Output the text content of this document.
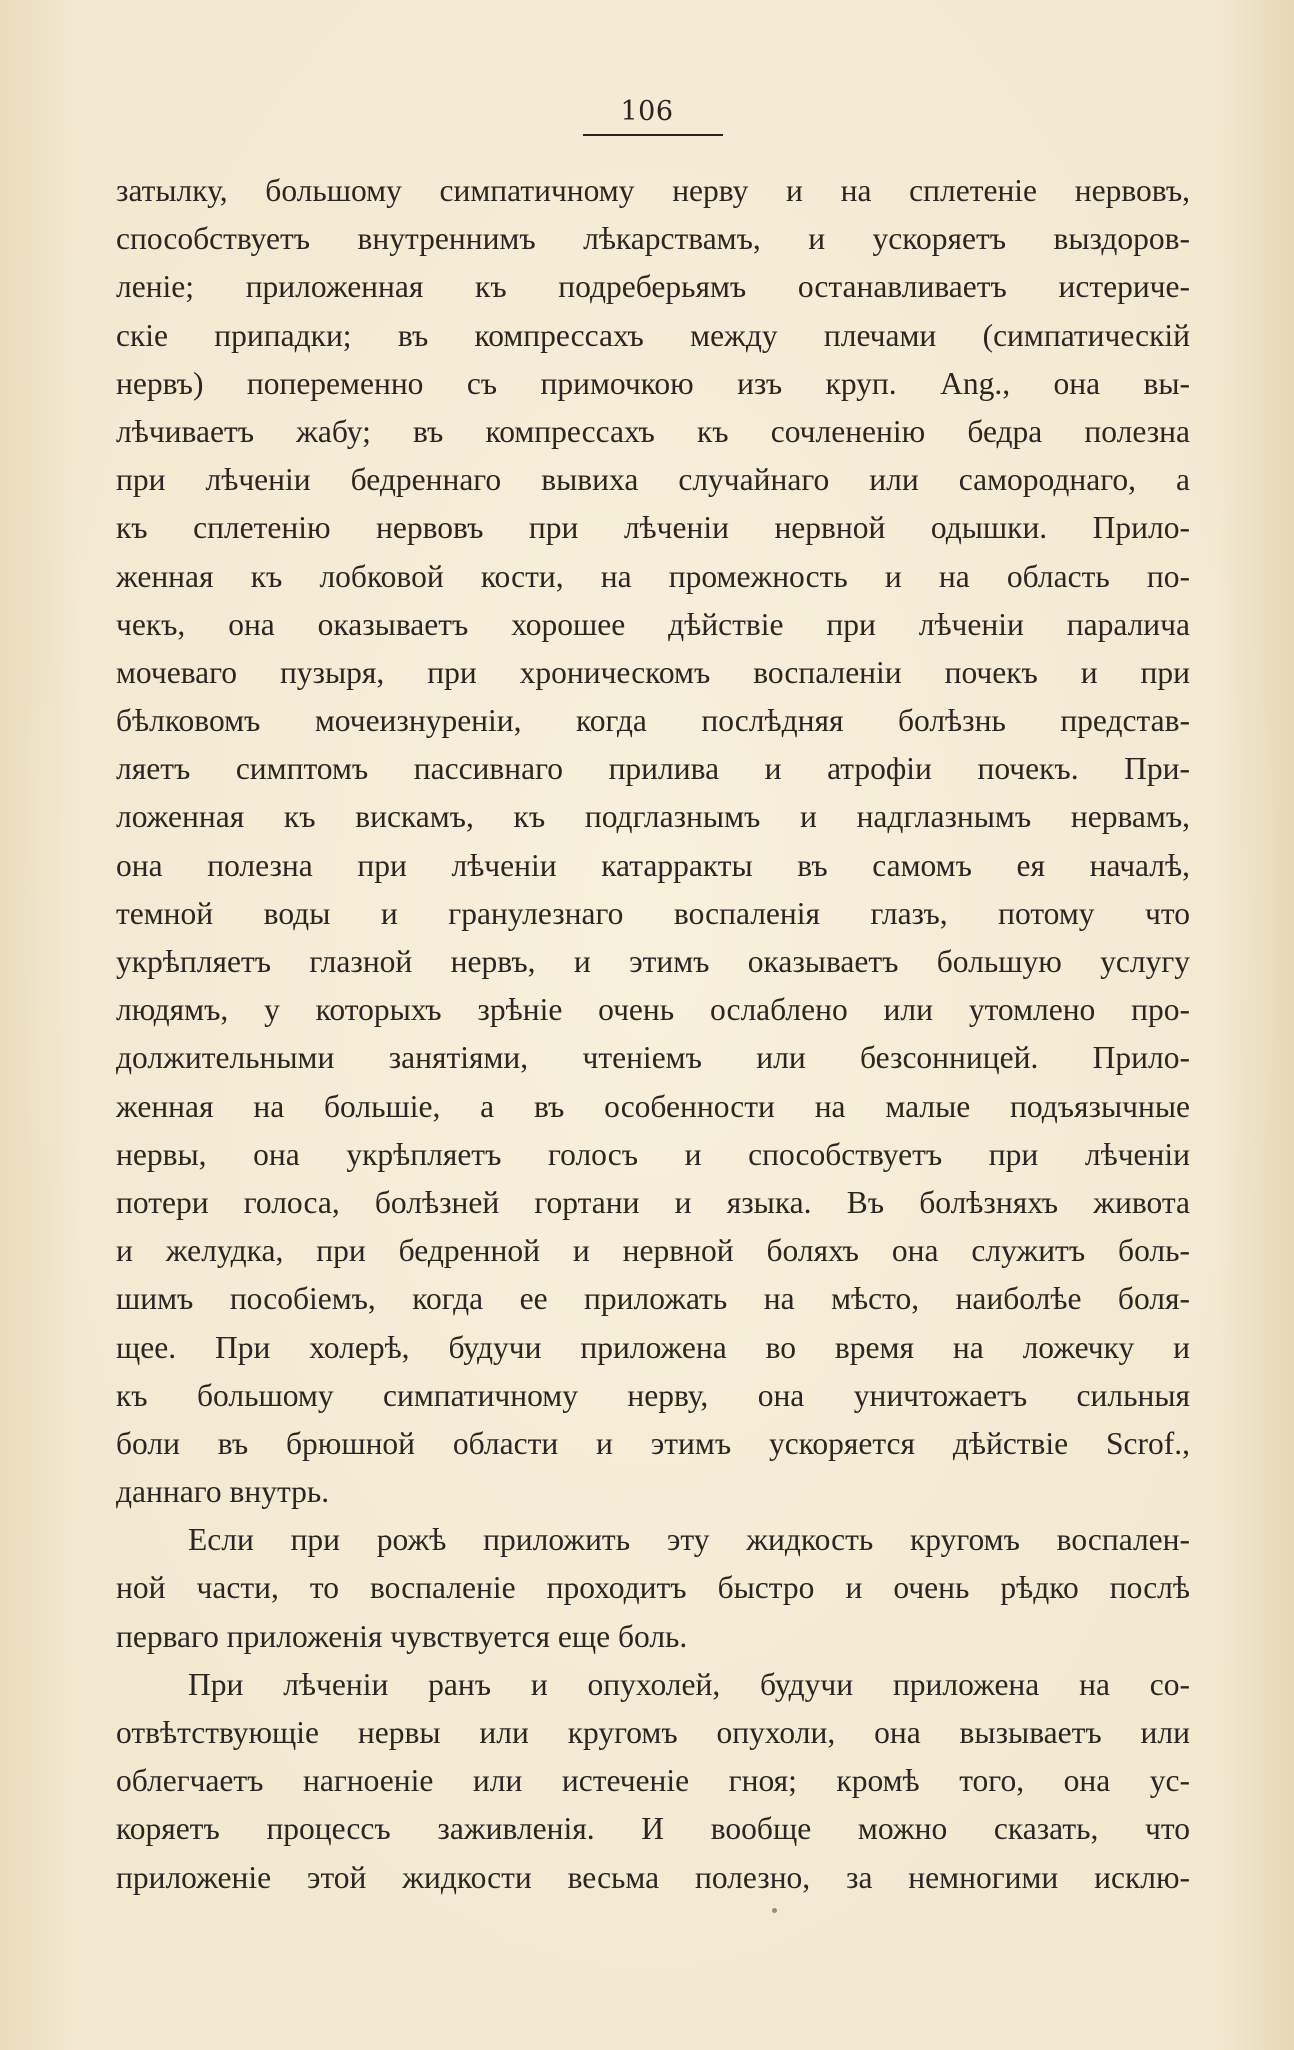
106
затылку, большому симпатичному нерву и на сплетеніе нервовъ,
способствуетъ внутреннимъ лѣкарствамъ, и ускоряетъ выздоров-
леніе; приложенная къ подреберьямъ останавливаетъ истериче-
скіе припадки; въ компрессахъ между плечами (симпатическій
нервъ) попеременно съ примочкою изъ круп. Ang., она вы-
лѣчиваетъ жабу; въ компрессахъ къ сочлененію бедра полезна
при лѣченіи бедреннаго вывиха случайнаго или самороднаго, а
къ сплетенію нервовъ при лѣченіи нервной одышки. Прило-
женная къ лобковой кости, на промежность и на область по-
чекъ, она оказываетъ хорошее дѣйствіе при лѣченіи паралича
мочеваго пузыря, при хроническомъ воспаленіи почекъ и при
бѣлковомъ мочеизнуреніи, когда послѣдняя болѣзнь представ-
ляетъ симптомъ пассивнаго прилива и атрофіи почекъ. При-
ложенная къ вискамъ, къ подглазнымъ и надглазнымъ нервамъ,
она полезна при лѣченіи катарракты въ самомъ ея началѣ,
темной воды и гранулезнаго воспаленія глазъ, потому что
укрѣпляетъ глазной нервъ, и этимъ оказываетъ большую услугу
людямъ, у которыхъ зрѣніе очень ослаблено или утомлено про-
должительными занятіями, чтеніемъ или безсонницей. Прило-
женная на большіе, а въ особенности на малые подъязычные
нервы, она укрѣпляетъ голосъ и способствуетъ при лѣченіи
потери голоса, болѣзней гортани и языка. Въ болѣзняхъ живота
и желудка, при бедренной и нервной боляхъ она служитъ боль-
шимъ пособіемъ, когда ее приложать на мѣсто, наиболѣе боля-
щее. При холерѣ, будучи приложена во время на ложечку и
къ большому симпатичному нерву, она уничтожаетъ сильныя
боли въ брюшной области и этимъ ускоряется дѣйствіе Scrof.,
даннаго внутрь.
Если при рожѣ приложить эту жидкость кругомъ воспален-
ной части, то воспаленіе проходитъ быстро и очень рѣдко послѣ
перваго приложенія чувствуется еще боль.
При лѣченіи ранъ и опухолей, будучи приложена на со-
отвѣтствующіе нервы или кругомъ опухоли, она вызываетъ или
облегчаетъ нагноеніе или истеченіе гноя; кромѣ того, она ус-
коряетъ процессъ заживленія. И вообще можно сказать, что
приложеніе этой жидкости весьма полезно, за немногими исклю-
